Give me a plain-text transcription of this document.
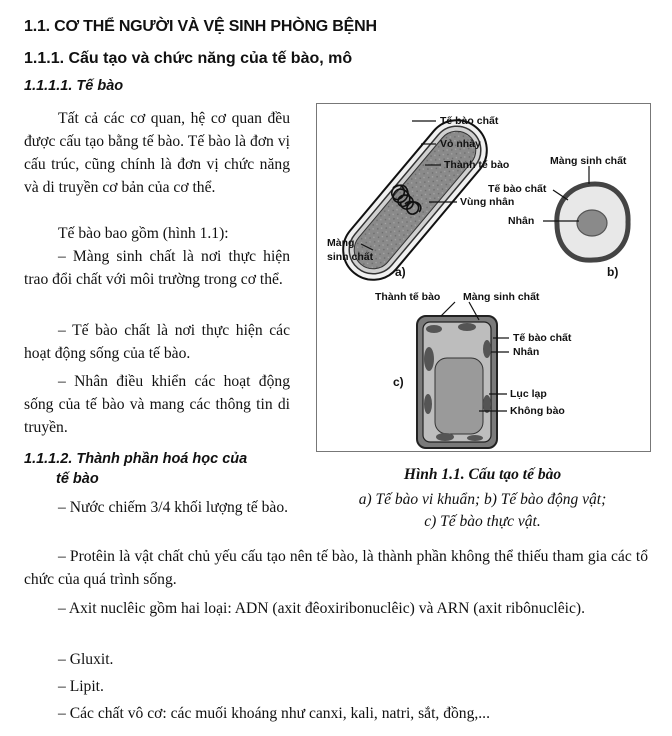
1.1. CƠ THỂ NGƯỜI VÀ VỆ SINH PHÒNG BỆNH
1.1.1. Cấu tạo và chức năng của tế bào, mô
1.1.1.1. Tế bào
Tất cả các cơ quan, hệ cơ quan đều được cấu tạo bằng tế bào. Tế bào là đơn vị cấu trúc, cũng chính là đơn vị chức năng và di truyền cơ bản của cơ thể.
Tế bào bao gồm (hình 1.1):
– Màng sinh chất là nơi thực hiện trao đổi chất với môi trường trong cơ thể.
– Tế bào chất là nơi thực hiện các hoạt động sống của tế bào.
– Nhân điều khiển các hoạt động sống của tế bào và mang các thông tin di truyền.
1.1.1.2. Thành phần hoá học của
tế bào
– Nước chiếm 3/4 khối lượng tế bào.
– Protêin là vật chất chủ yếu cấu tạo nên tế bào, là thành phần không thể thiếu tham gia các tổ chức của quá trình sống.
– Axit nuclêic gồm hai loại: ADN (axit đêoxiribonuclêic) và ARN (axit ribônuclêic).
– Gluxit.
– Lipit.
– Các chất vô cơ: các muối khoáng như canxi, kali, natri, sắt, đồng,...
Tế bào chất
Vỏ nhày
Thành tế bào
Vùng nhân
Màng
sinh chất
a)
Màng sinh chất
Tế bào chất
Nhân
b)
Thành tế bào Màng sinh chất
Tế bào chất
Nhân
c)
Lục lạp
Không bào
Hình 1.1. Cấu tạo tế bào
a) Tế bào vi khuẩn; b) Tế bào động vật;
c) Tế bào thực vật.
